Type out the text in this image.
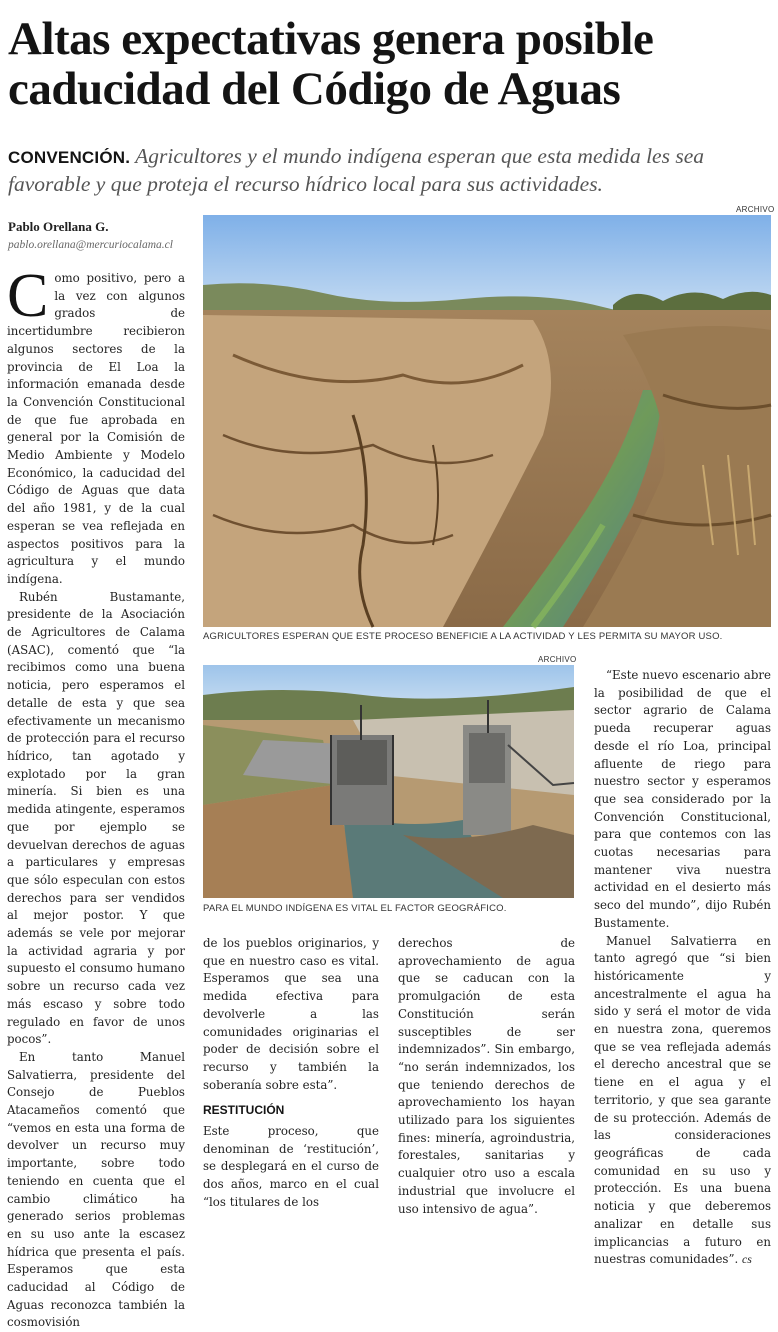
Altas expectativas genera posible caducidad del Código de Aguas
CONVENCIÓN. Agricultores y el mundo indígena esperan que esta medida les sea favorable y que proteja el recurso hídrico local para sus actividades.
Pablo Orellana G.
pablo.orellana@mercuriocalama.cl
ARCHIVO
AGRICULTORES ESPERAN QUE ESTE PROCESO BENEFICIE A LA ACTIVIDAD Y LES PERMITA SU MAYOR USO.
ARCHIVO
PARA EL MUNDO INDÍGENA ES VITAL EL FACTOR GEOGRÁFICO.

Como positivo, pero a la vez con algunos grados de incertidumbre recibieron algunos sectores de la provincia de El Loa la información emanada desde la Convención Constitucional de que fue aprobada en general por la Comisión de Medio Ambiente y Modelo Económico, la caducidad del Código de Aguas que data del año 1981, y de la cual esperan se vea reflejada en aspectos positivos para la agricultura y el mundo indígena.

Rubén Bustamante, presidente de la Asociación de Agricultores de Calama (ASAC), comentó que “la recibimos como una buena noticia, pero esperamos el detalle de esta y que sea efectivamente un mecanismo de protección para el recurso hídrico, tan agotado y explotado por la gran minería. Si bien es una medida atingente, esperamos que por ejemplo se devuelvan derechos de aguas a particulares y empresas que sólo especulan con estos derechos para ser vendidos al mejor postor. Y que además se vele por mejorar la actividad agraria y por supuesto el consumo humano sobre un recurso cada vez más escaso y sobre todo regulado en favor de unos pocos”.

En tanto Manuel Salvatierra, presidente del Consejo de Pueblos Atacameños comentó que “vemos en esta una forma de devolver un recurso muy importante, sobre todo teniendo en cuenta que el cambio climático ha generado serios problemas en su uso ante la escasez hídrica que presenta el país. Esperamos que esta caducidad al Código de Aguas reconozca también la cosmovisión

de los pueblos originarios, y que en nuestro caso es vital. Esperamos que sea una medida efectiva para devolverle a las comunidades originarias el poder de decisión sobre el recurso y también la soberanía sobre esta”.

RESTITUCIÓN

Este proceso, que denominan de ‘restitución’, se desplegará en el curso de dos años, marco en el cual “los titulares de los

derechos de aprovechamiento de agua que se caducan con la promulgación de esta Constitución serán susceptibles de ser indemnizados”. Sin embargo, “no serán indemnizados, los que teniendo derechos de aprovechamiento los hayan utilizado para los siguientes fines: minería, agroindustria, forestales, sanitarias y cualquier otro uso a escala industrial que involucre el uso intensivo de agua”.

“Este nuevo escenario abre la posibilidad de que el sector agrario de Calama pueda recuperar aguas desde el río Loa, principal afluente de riego para nuestro sector y esperamos que sea considerado por la Convención Constitucional, para que contemos con las cuotas necesarias para mantener viva nuestra actividad en el desierto más seco del mundo”, dijo Rubén Bustamente.

Manuel Salvatierra en tanto agregó que “si bien históricamente y ancestralmente el agua ha sido y será el motor de vida en nuestra zona, queremos que se vea reflejada además el derecho ancestral que se tiene en el agua y el territorio, y que sea garante de su protección. Además de las consideraciones geográficas de cada comunidad en su uso y protección. Es una buena noticia y que deberemos analizar en detalle sus implicancias a futuro en nuestras comunidades”. cs
